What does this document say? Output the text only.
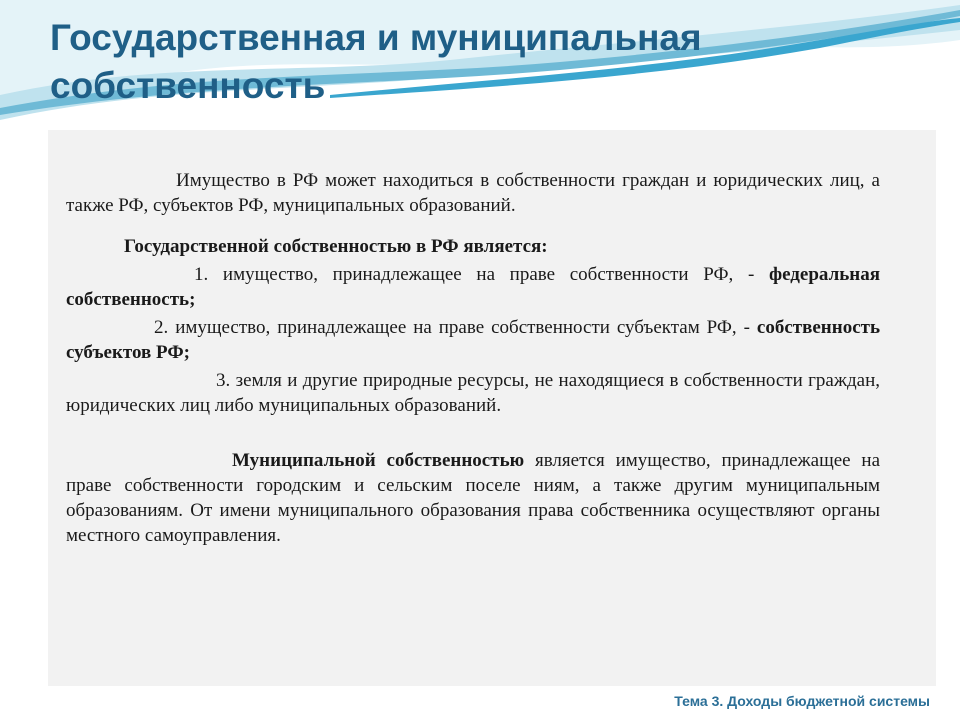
Государственная и муниципальная собственность

Имущество в РФ может находиться в собственности граждан и юридических лиц, а также РФ, субъектов РФ, муниципальных образований.

Государственной собственностью в РФ является:

1. имущество, принадлежащее на праве собственности РФ, - федеральная собственность;

2. имущество, принадлежащее на праве собственности субъектам РФ, - собственность субъектов РФ;

3. земля и другие природные ресурсы, не находящиеся в собственности граждан, юридических лиц либо муниципальных образований.

Муниципальной собственностью является имущество, принадлежащее на праве собственности городским и сельским поселе ниям, а также другим муниципальным образованиям. От имени муниципального образования права собственника осуществляют органы местного самоуправления.

Тема 3. Доходы бюджетной системы
